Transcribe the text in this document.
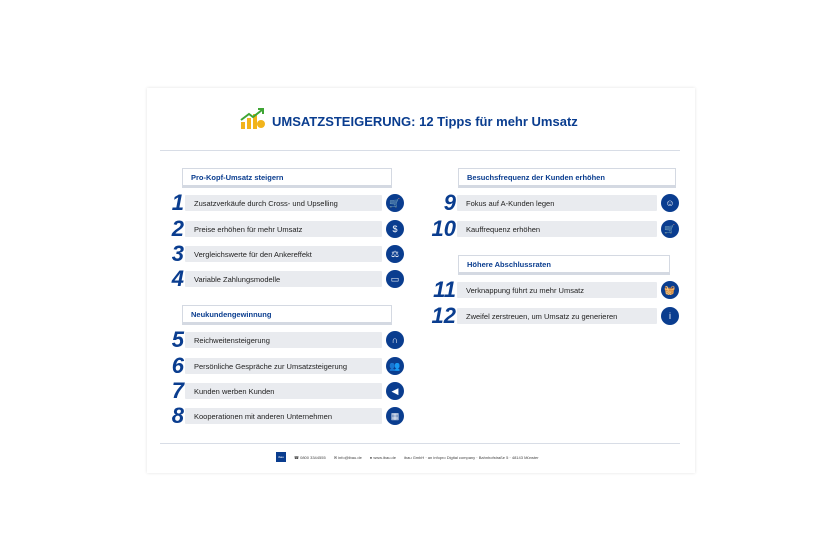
UMSATZSTEIGERUNG: 12 Tipps für mehr Umsatz
Pro-Kopf-Umsatz steigern
1	Zusatzverkäufe durch Cross- und Upselling	🛒
2	Preise erhöhen für mehr Umsatz	$
3	Vergleichswerte für den Ankereffekt	⚖
4	Variable Zahlungsmodelle	▭
Neukundengewinnung
5	Reichweitensteigerung	∩
6	Persönliche Gespräche zur Umsatzsteigerung	👥
7	Kunden werben Kunden	◀
8	Kooperationen mit anderen Unternehmen	▦
Besuchsfrequenz der Kunden erhöhen
9	Fokus auf A-Kunden legen	☺
10	Kauffrequenz erhöhen	🛒
Höhere Abschlussraten
11	Verknappung führt zu mehr Umsatz	🧺
12	Zweifel zerstreuen, um Umsatz zu generieren	i
ibau	☎ 0800 3344555 ✉ info@ibau.de ● www.ibau.de ibau GmbH · an infopro Digital company · Bahnhofstraße 5 · 48143 Münster
